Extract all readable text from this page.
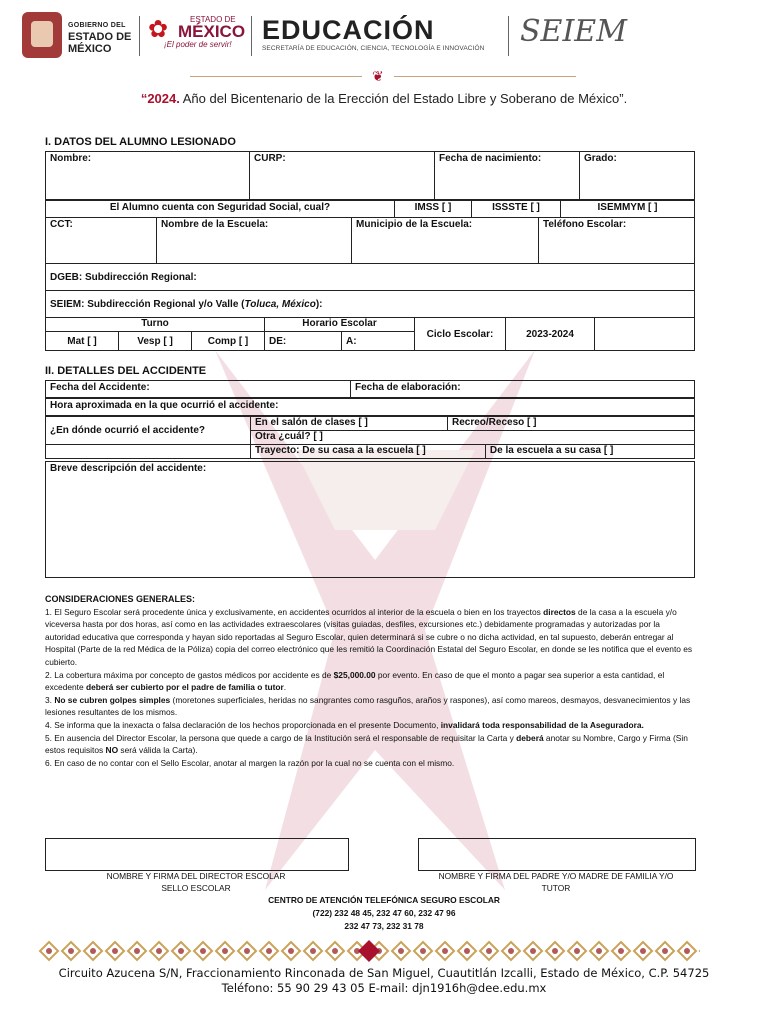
GOBIERNO DEL
ESTADO DE
MÉXICO
✿	ESTADO DE
MÉXICO
¡El poder de servir!	EDUCACIÓN
SECRETARÍA DE EDUCACIÓN, CIENCIA, TECNOLOGÍA E INNOVACIÓN SEIEM
❦
“2024. Año del Bicentenario de la Erección del Estado Libre y Soberano de México”.
I. DATOS DEL ALUMNO LESIONADO
Nombre:	CURP:	Fecha de nacimiento:	Grado:
El Alumno cuenta con Seguridad Social, cual?	IMSS [ ]	ISSSTE [ ]	ISEMMYM [ ]
CCT:	Nombre de la Escuela:	Municipio de la Escuela:	Teléfono Escolar:
DGEB: Subdirección Regional:
SEIEM: Subdirección Regional y/o Valle (Toluca, México):
Turno			Horario Escolar		Ciclo Escolar:	2023-2024	
Mat [ ]	Vesp [ ]	Comp [ ]	DE:	A:			
II. DETALLES DEL ACCIDENTE
Fecha del Accidente:	Fecha de elaboración:
Hora aproximada en la que ocurrió el accidente:
¿En dónde ocurrió el accidente?	En el salón de clases [ ]	Recreo/Receso [ ]	
	Otra ¿cuál? [ ]		
	Trayecto: De su casa a la escuela [ ]		De la escuela a su casa [ ]
Breve descripción del accidente:

CONSIDERACIONES GENERALES:

1. El Seguro Escolar será procedente única y exclusivamente, en accidentes ocurridos al interior de la escuela o bien en los trayectos directos de la casa a la escuela y/o viceversa hasta por dos horas, así como en las actividades extraescolares (visitas guiadas, desfiles, excursiones etc.) debidamente programadas y autorizadas por la autoridad educativa que corresponda y hayan sido reportadas al Seguro Escolar, quien determinará si se cubre o no dicha actividad, en tal supuesto, deberán entregar al Hospital (Parte de la red Médica de la Póliza) copia del correo electrónico que les remitió la Coordinación Estatal del Seguro Escolar, en donde se les notifica que el evento es cubierto.

2. La cobertura máxima por concepto de gastos médicos por accidente es de $25,000.00 por evento. En caso de que el monto a pagar sea superior a esta cantidad, el excedente deberá ser cubierto por el padre de familia o tutor.

3. No se cubren golpes simples (moretones superficiales, heridas no sangrantes como rasguños, araños y raspones), así como mareos, desmayos, desvanecimientos y las lesiones resultantes de los mismos.

4. Se informa que la inexacta o falsa declaración de los hechos proporcionada en el presente Documento, invalidará toda responsabilidad de la Aseguradora.

5. En ausencia del Director Escolar, la persona que quede a cargo de la Institución será el responsable de requisitar la Carta y deberá anotar su Nombre, Cargo y Firma (Sin estos requisitos NO será válida la Carta).

6. En caso de no contar con el Sello Escolar, anotar al margen la razón por la cual no se cuenta con el mismo.

NOMBRE Y FIRMA DEL DIRECTOR ESCOLAR
SELLO ESCOLAR
NOMBRE Y FIRMA DEL PADRE Y/O MADRE DE FAMILIA Y/O
TUTOR
CENTRO DE ATENCIÓN TELEFÓNICA SEGURO ESCOLAR
(722) 232 48 45, 232 47 60, 232 47 96
232 47 73, 232 31 78
Circuito Azucena S/N, Fraccionamiento Rinconada de San Miguel, Cuautitlán Izcalli, Estado de México, C.P. 54725
Teléfono: 55 90 29 43 05 E-mail: djn1916h@dee.edu.mx
